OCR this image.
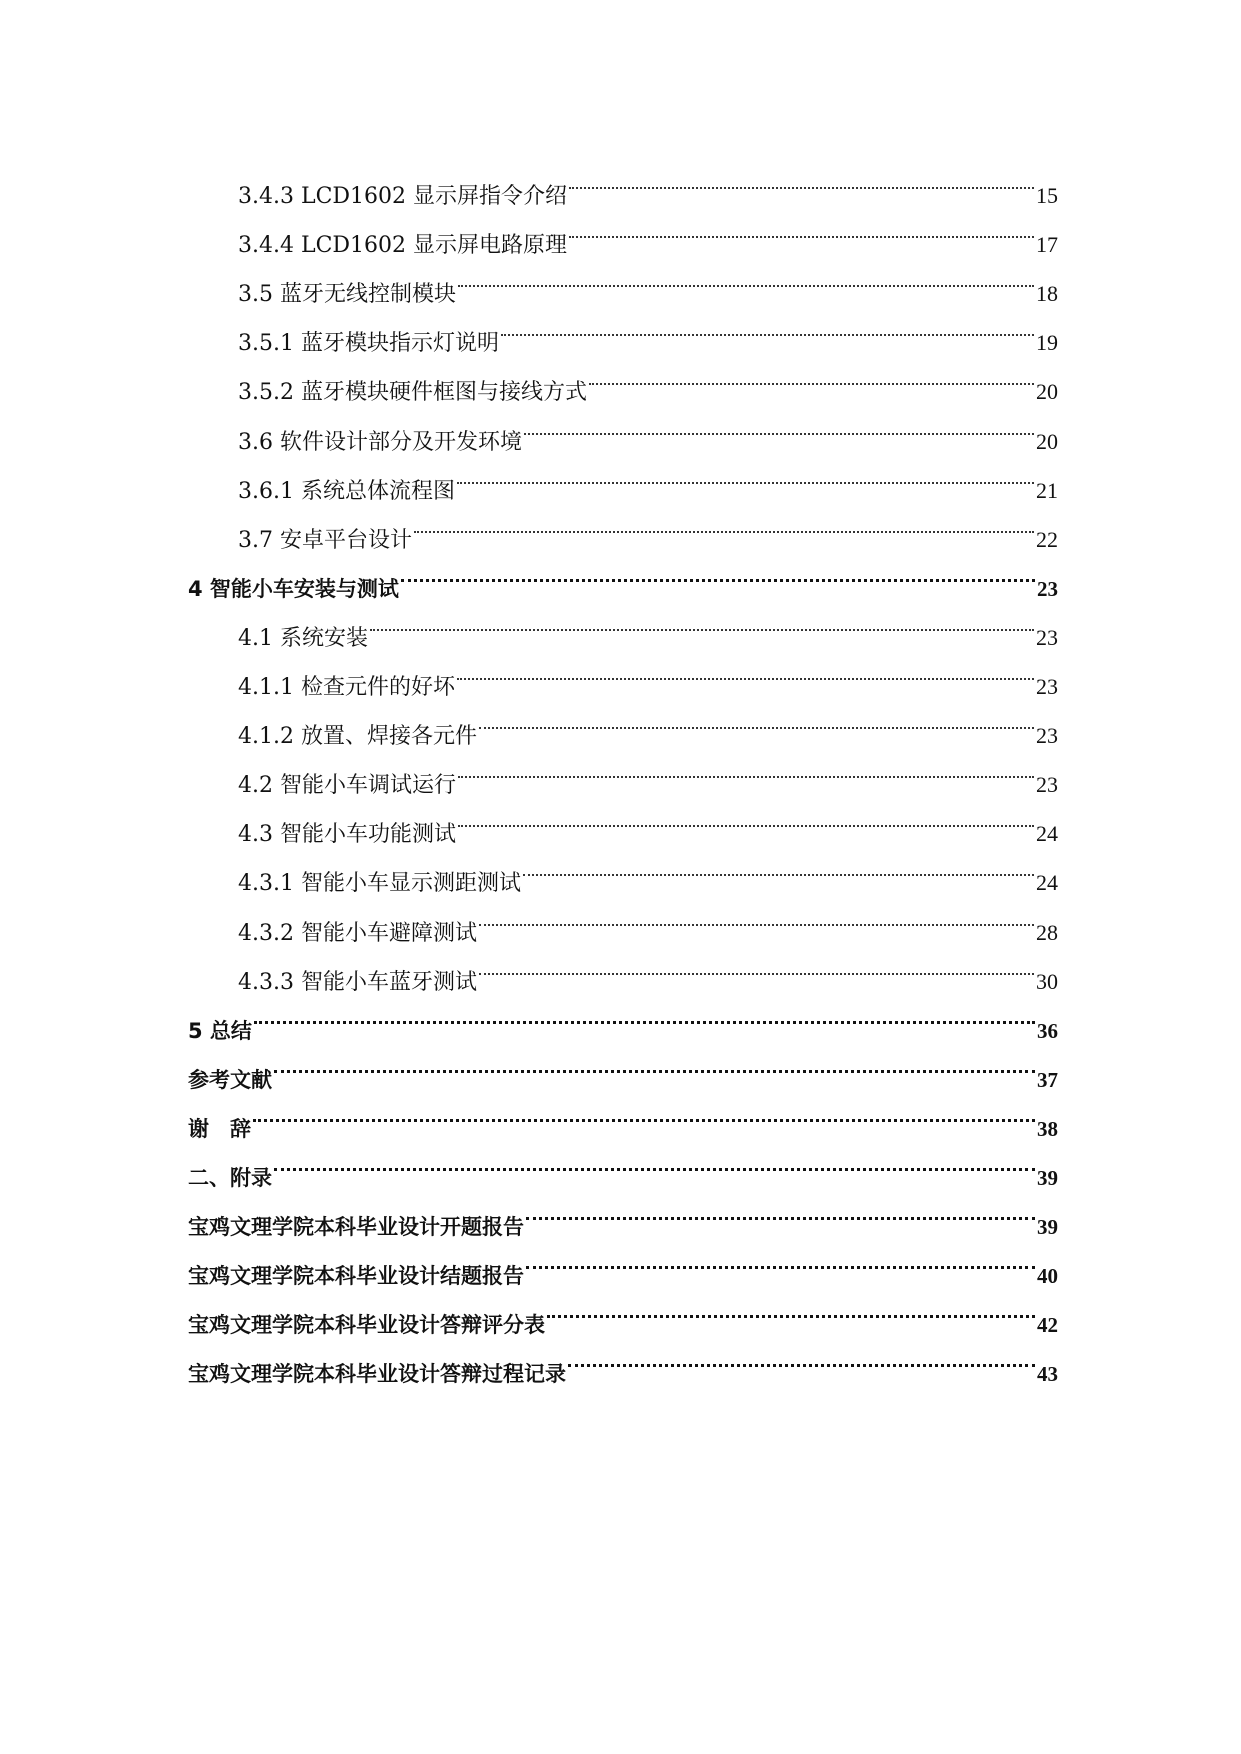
3.4.3 LCD1602 显示屏指令介绍	15
3.4.4 LCD1602 显示屏电路原理	17
3.5 蓝牙无线控制模块	18
3.5.1 蓝牙模块指示灯说明	19
3.5.2 蓝牙模块硬件框图与接线方式	20
3.6 软件设计部分及开发环境	20
3.6.1 系统总体流程图	21
3.7 安卓平台设计	22
4 智能小车安装与测试	23
4.1 系统安装	23
4.1.1 检查元件的好坏	23
4.1.2 放置、焊接各元件	23
4.2 智能小车调试运行	23
4.3 智能小车功能测试	24
4.3.1 智能小车显示测距测试	24
4.3.2 智能小车避障测试	28
4.3.3 智能小车蓝牙测试	30
5 总结	36
参考文献	37
谢　辞	38
二、附录	39
宝鸡文理学院本科毕业设计开题报告	39
宝鸡文理学院本科毕业设计结题报告	40
宝鸡文理学院本科毕业设计答辩评分表	42
宝鸡文理学院本科毕业设计答辩过程记录	43
